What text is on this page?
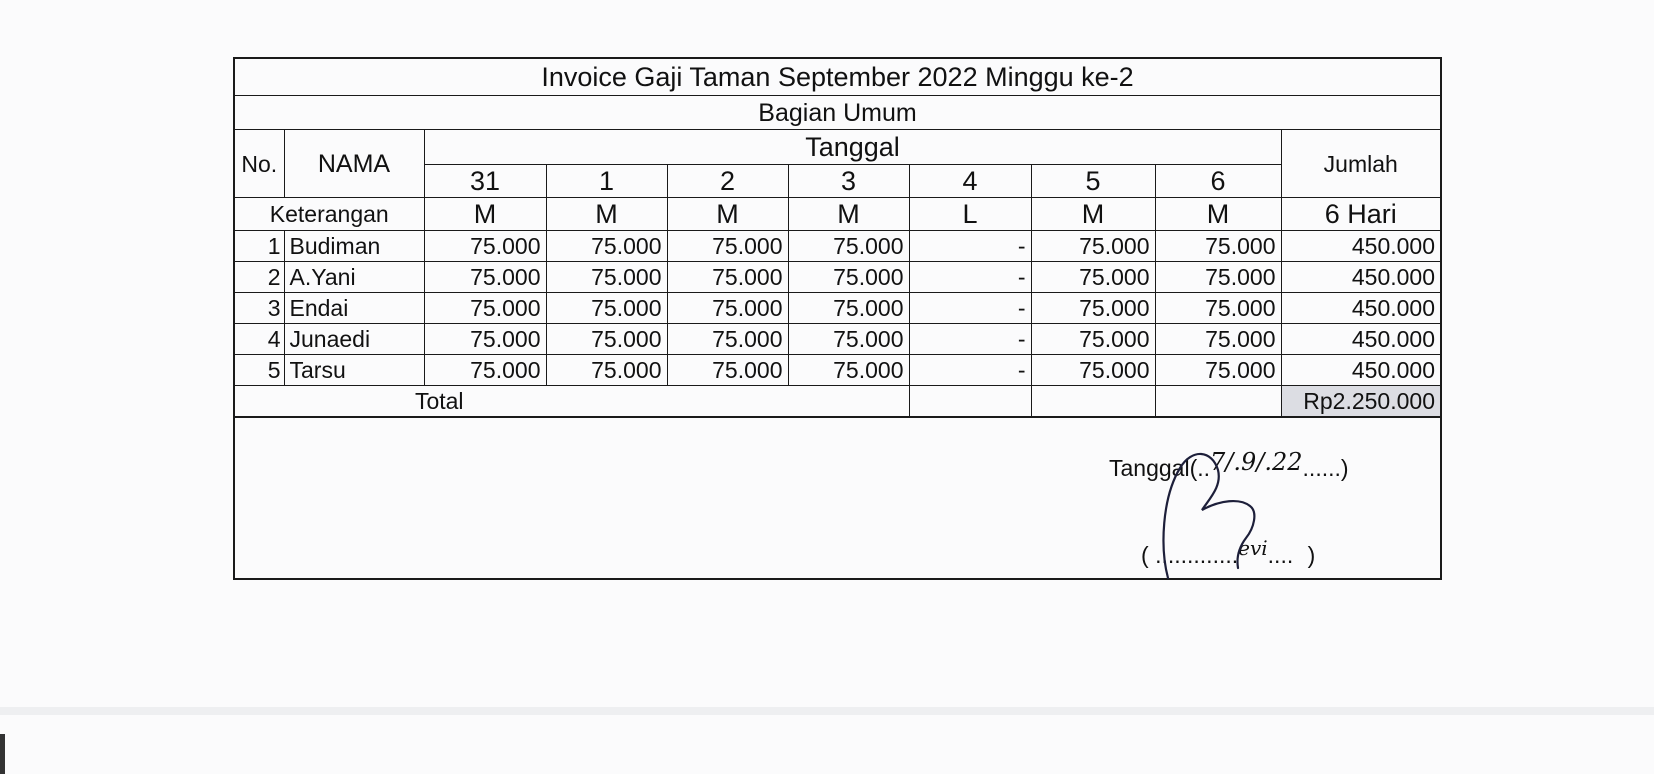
Invoice Gaji Taman September 2022 Minggu ke-2									
Bagian Umum									
No.	NAMA	Tanggal							Jumlah
		31	1	2	3	4	5	6	
Keterangan		M	M	M	M	L	M	M	6 Hari
1	Budiman	75.000	75.000	75.000	75.000	-	75.000	75.000	450.000
2	A.Yani	75.000	75.000	75.000	75.000	-	75.000	75.000	450.000
3	Endai	75.000	75.000	75.000	75.000	-	75.000	75.000	450.000
4	Junaedi	75.000	75.000	75.000	75.000	-	75.000	75.000	450.000
5	Tarsu	75.000	75.000	75.000	75.000	-	75.000	75.000	450.000
Total									Rp2.250.000
Tanggal(..7/.9/.22......)
( .............evi.... )
